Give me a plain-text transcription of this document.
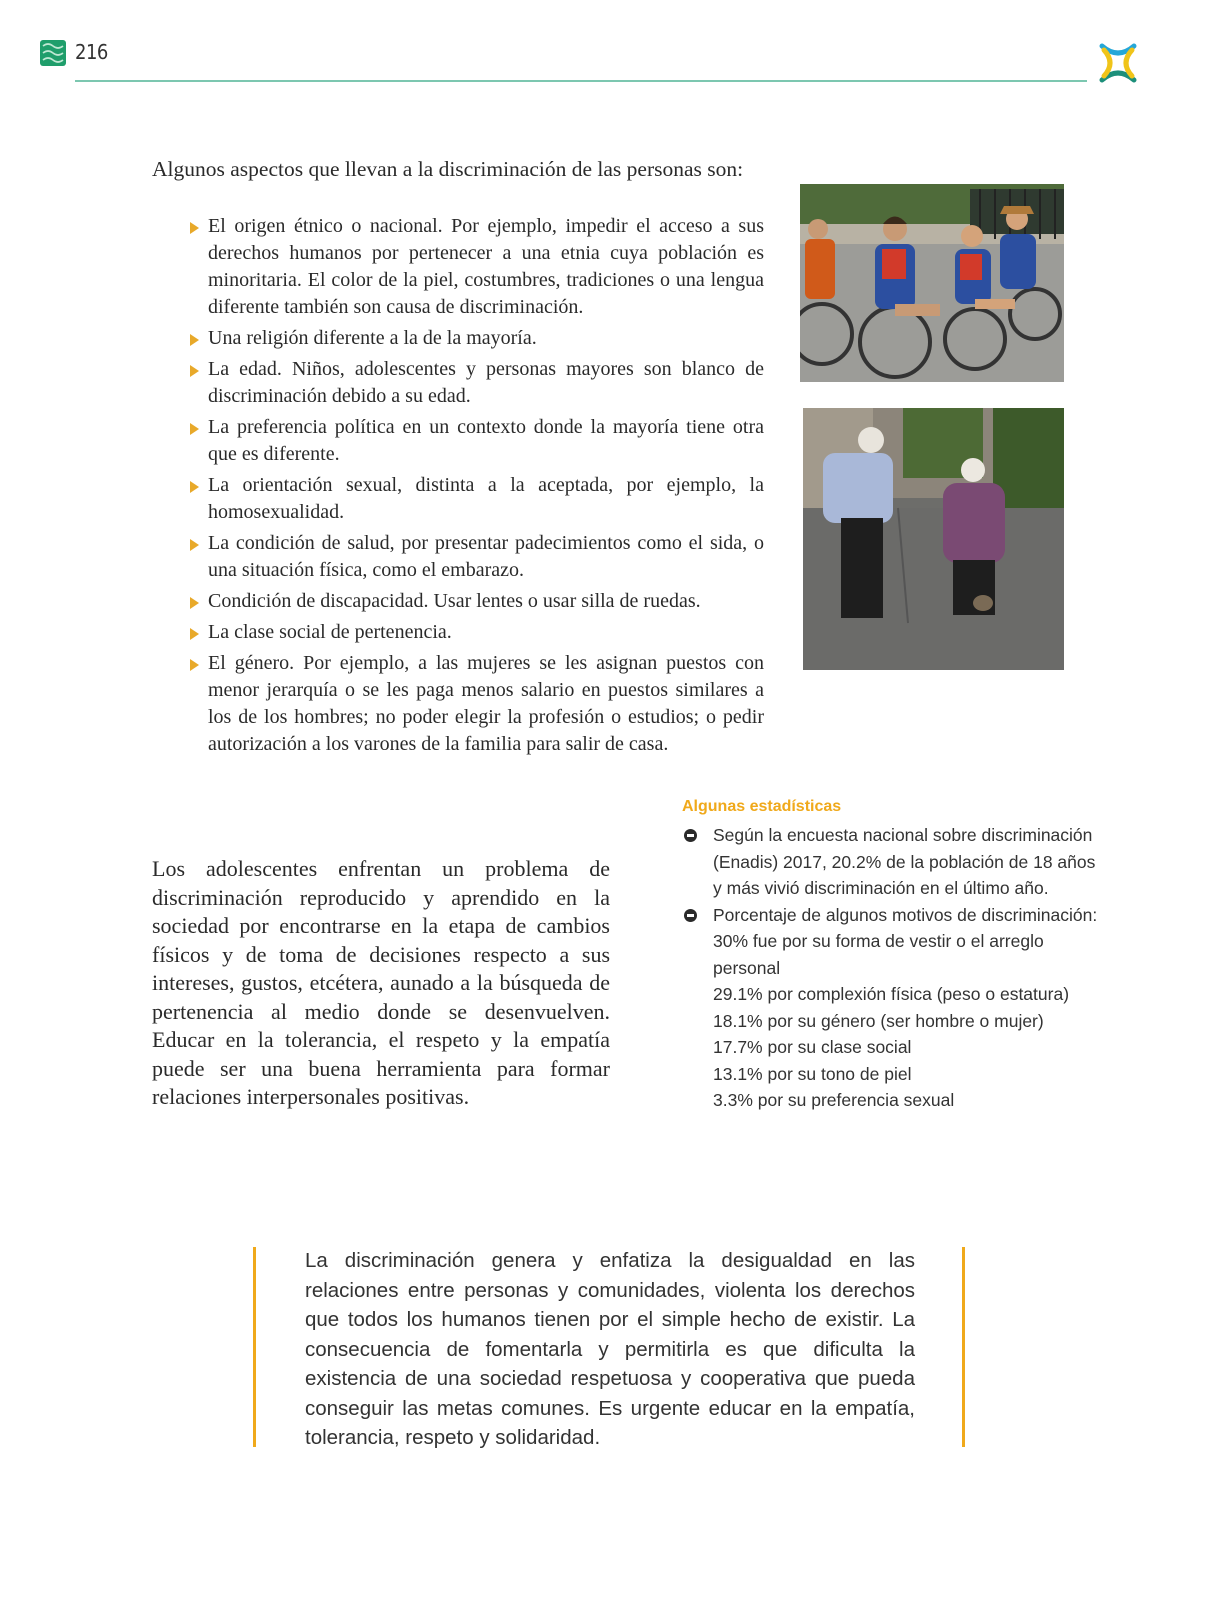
216

Algunos aspectos que llevan a la discriminación de las personas son:

El origen étnico o nacional. Por ejemplo, impedir el acceso a sus derechos humanos por pertenecer a una etnia cuya población es minoritaria. El color de la piel, costumbres, tradiciones o una lengua diferente también son causa de discriminación.
Una religión diferente a la de la mayoría.
La edad. Niños, adolescentes y personas mayores son blanco de discriminación debido a su edad.
La preferencia política en un contexto donde la mayoría tiene otra que es diferente.
La orientación sexual, distinta a la aceptada, por ejemplo, la homosexualidad.
La condición de salud, por presentar padecimientos como el sida, o una situación física, como el embarazo.
Condición de discapacidad. Usar lentes o usar silla de ruedas.
La clase social de pertenencia.
El género. Por ejemplo, a las mujeres se les asignan puestos con menor jerarquía o se les paga menos salario en puestos similares a los de los hombres; no poder elegir la profesión o estudios; o pedir autorización a los varones de la familia para salir de casa.

Los adolescentes enfrentan un problema de discriminación reproducido y aprendido en la sociedad por encontrarse en la etapa de cambios físicos y de toma de decisiones respecto a sus intereses, gustos, etcétera, aunado a la búsqueda de pertenencia al medio donde se desenvuelven. Educar en la tolerancia, el respeto y la empatía puede ser una buena herramienta para formar relaciones interpersonales positivas.

Algunas estadísticas

Según la encuesta nacional sobre discriminación (Enadis) 2017, 20.2% de la población de 18 años y más vivió discriminación en el último año.
Porcentaje de algunos motivos de discriminación:
30% fue por su forma de vestir o el arreglo personal
29.1% por complexión física (peso o estatura)
18.1% por su género (ser hombre o mujer)
17.7% por su clase social
13.1% por su tono de piel
3.3% por su preferencia sexual

La discriminación genera y enfatiza la desigualdad en las relaciones entre personas y comunidades, violenta los derechos que todos los humanos tienen por el simple hecho de existir. La consecuencia de fomentarla y permitirla es que dificulta la existencia de una sociedad respetuosa y cooperativa que pueda conseguir las metas comunes. Es urgente educar en la empatía, tolerancia, respeto y solidaridad.
